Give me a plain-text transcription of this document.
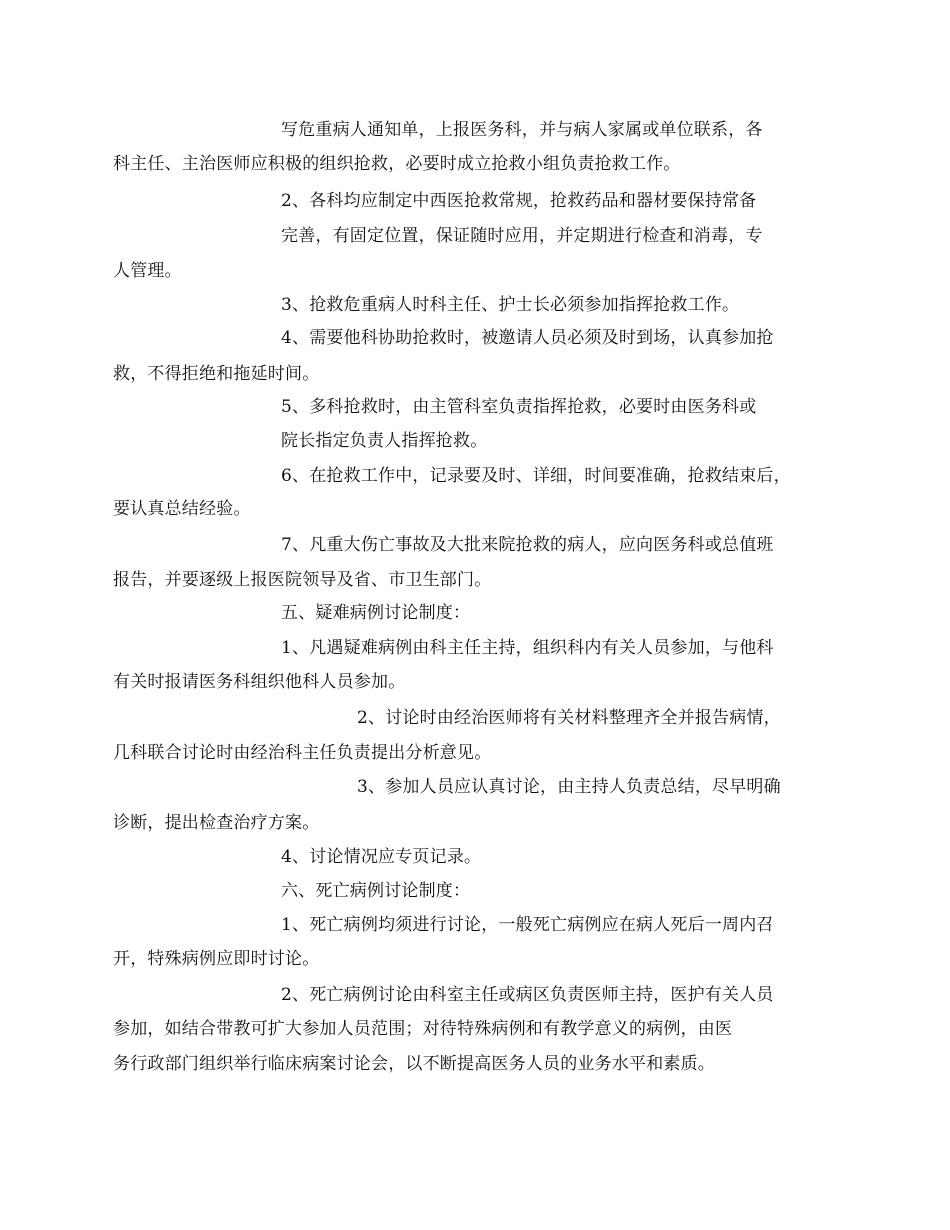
写危重病人通知单，上报医务科，并与病人家属或单位联系，各
科主任、主治医师应积极的组织抢救，必要时成立抢救小组负责抢救工作。
2、各科均应制定中西医抢救常规，抢救药品和器材要保持常备
完善，有固定位置，保证随时应用，并定期进行检查和消毒，专
人管理。
3、抢救危重病人时科主任、护士长必须参加指挥抢救工作。
4、需要他科协助抢救时，被邀请人员必须及时到场，认真参加抢
救，不得拒绝和拖延时间。
5、多科抢救时，由主管科室负责指挥抢救，必要时由医务科或
院长指定负责人指挥抢救。
6、在抢救工作中，记录要及时、详细，时间要准确，抢救结束后，
要认真总结经验。
7、凡重大伤亡事故及大批来院抢救的病人，应向医务科或总值班
报告，并要逐级上报医院领导及省、市卫生部门。
五、疑难病例讨论制度：
1、凡遇疑难病例由科主任主持，组织科内有关人员参加，与他科
有关时报请医务科组织他科人员参加。
2、讨论时由经治医师将有关材料整理齐全并报告病情，
几科联合讨论时由经治科主任负责提出分析意见。
3、参加人员应认真讨论，由主持人负责总结，尽早明确
诊断，提出检查治疗方案。
4、讨论情况应专页记录。
六、死亡病例讨论制度：
1、死亡病例均须进行讨论，一般死亡病例应在病人死后一周内召
开，特殊病例应即时讨论。
2、死亡病例讨论由科室主任或病区负责医师主持，医护有关人员
参加，如结合带教可扩大参加人员范围；对待特殊病例和有教学意义的病例，由医
务行政部门组织举行临床病案讨论会，以不断提高医务人员的业务水平和素质。
